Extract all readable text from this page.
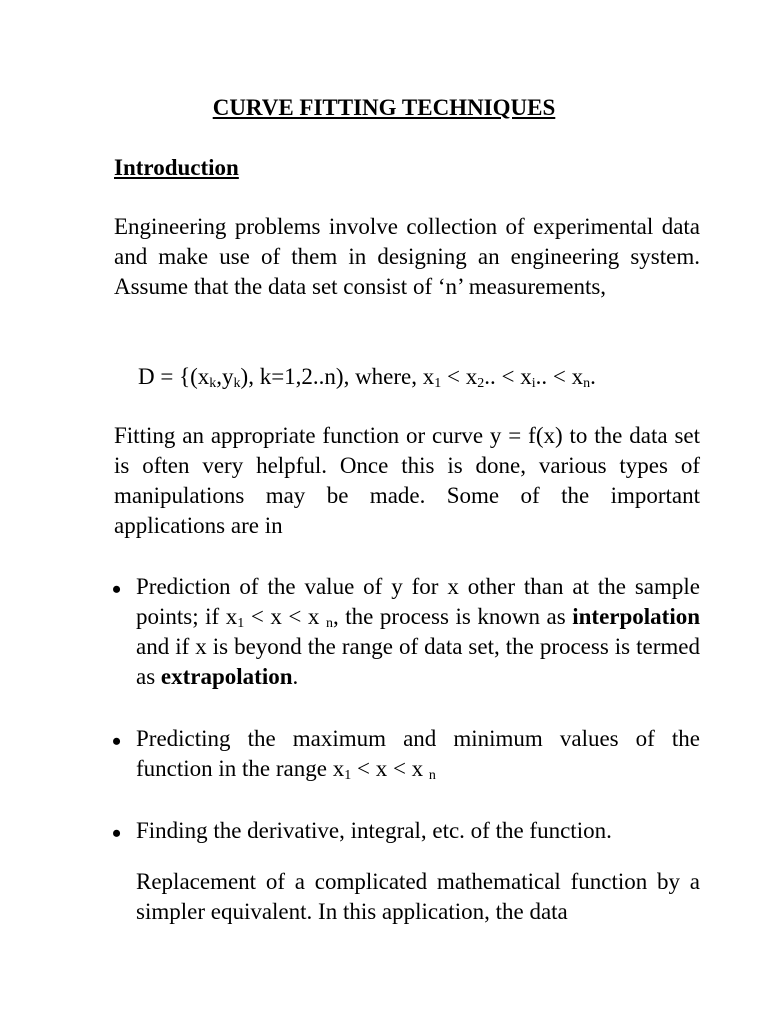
CURVE FITTING TECHNIQUES
Introduction

Engineering problems involve collection of experimental data and make use of them in designing an engineering system. Assume that the data set consist of ‘n’ measurements,

$D = \{(x_k,y_k)$, k=1,2..n), where, $x_1 < x_2$.. < $x_i$.. < $x_n$.

Fitting an appropriate function or curve y = f(x) to the data set is often very helpful. Once this is done, various types of manipulations may be made. Some of the important applications are in

• Prediction of the value of y for x other than at the sample points; if $x_1 < x < x$ $_n$, the process is known as interpolation and if x is beyond the range of data set, the process is termed as extrapolation.

• Predicting the maximum and minimum values of the function in the range $x_1 < x < x$ $_n$

• Finding the derivative, integral, etc. of the function.

Replacement of a complicated mathematical function by a simpler equivalent. In this application, the data
